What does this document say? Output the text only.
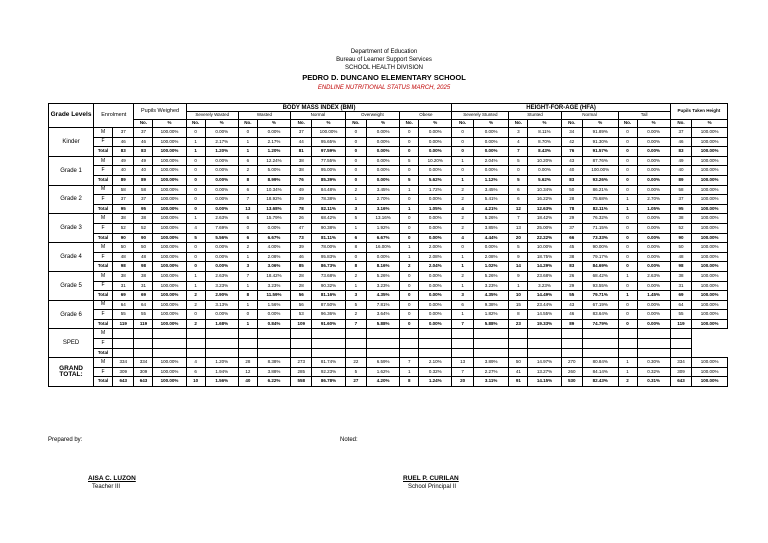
Department of Education
Bureau of Learner Support Services
SCHOOL HEALTH DIVISION
PEDRO D. DUNCANO ELEMENTARY SCHOOL
ENDLINE NUTRITIONAL STATUS MARCH, 2025
Grade Levels	Enrolment		Pupils Weighed		BODY MASS INDEX (BMI)										HEIGHT-FOR-AGE (HFA)								Pupils Taken Height	
					Severely Wasted		Wasted		Normal		Overweight		Obese		Severely Stunted		Stunted		Normal		Tall			
			No.	%	No.	%	No.	%	No.	%	No.	%	No.	%	No.	%	No.	%	No.	%	No.	%	No.	%
Kinder	M	37	37	100.00%	0	0.00%	0	0.00%	37	100.00%	0	0.00%	0	0.00%	0	0.00%	3	8.11%	34	91.89%	0	0.00%	37	100.00%
	F	46	46	100.00%	1	2.17%	1	2.17%	44	95.65%	0	0.00%	0	0.00%	0	0.00%	4	8.70%	42	91.30%	0	0.00%	46	100.00%
	Total	83	83	100.00%	1	1.20%	1	1.20%	81	97.59%	0	0.00%	0	0.00%	0	0.00%	7	8.43%	76	91.57%	0	0.00%	83	100.00%
Grade 1	M	49	49	100.00%	0	0.00%	6	12.24%	38	77.55%	0	0.00%	5	10.20%	1	2.04%	5	10.20%	43	87.76%	0	0.00%	49	100.00%
	F	40	40	100.00%	0	0.00%	2	5.00%	38	95.00%	0	0.00%	0	0.00%	0	0.00%	0	0.00%	40	100.00%	0	0.00%	40	100.00%
	Total	89	89	100.00%	0	0.00%	8	8.99%	76	85.39%	0	0.00%	5	5.62%	1	1.12%	5	5.62%	83	93.26%	0	0.00%	89	100.00%
Grade 2	M	58	58	100.00%	0	0.00%	6	10.34%	49	84.48%	2	3.45%	1	1.72%	2	3.45%	6	10.34%	50	86.21%	0	0.00%	58	100.00%
	F	37	37	100.00%	0	0.00%	7	18.92%	29	78.38%	1	2.70%	0	0.00%	2	5.41%	6	16.22%	28	75.68%	1	2.70%	37	100.00%
	Total	95	95	100.00%	0	0.00%	13	13.68%	78	82.11%	3	3.16%	1	1.05%	4	4.21%	12	12.63%	78	82.11%	1	1.05%	95	100.00%
Grade 3	M	38	38	100.00%	1	2.63%	6	15.79%	26	68.42%	5	13.16%	0	0.00%	2	5.26%	7	18.42%	29	76.32%	0	0.00%	38	100.00%
	F	52	52	100.00%	4	7.69%	0	0.00%	47	90.38%	1	1.92%	0	0.00%	2	3.85%	13	25.00%	37	71.15%	0	0.00%	52	100.00%
	Total	90	90	100.00%	5	5.56%	6	6.67%	73	81.11%	6	6.67%	0	0.00%	4	4.44%	20	22.22%	66	73.33%	0	0.00%	90	100.00%
Grade 4	M	50	50	100.00%	0	0.00%	2	4.00%	39	78.00%	8	16.00%	1	2.00%	0	0.00%	5	10.00%	45	90.00%	0	0.00%	50	100.00%
	F	48	48	100.00%	0	0.00%	1	2.08%	46	95.83%	0	0.00%	1	2.08%	1	2.08%	9	18.75%	38	79.17%	0	0.00%	48	100.00%
	Total	98	98	100.00%	0	0.00%	3	3.06%	85	86.73%	8	8.16%	2	2.04%	1	1.02%	14	14.29%	83	84.69%	0	0.00%	98	100.00%
Grade 5	M	38	38	100.00%	1	2.63%	7	18.42%	28	73.68%	2	5.26%	0	0.00%	2	5.26%	9	23.68%	26	68.42%	1	2.63%	38	100.00%
	F	31	31	100.00%	1	3.23%	1	3.23%	28	90.32%	1	3.23%	0	0.00%	1	3.23%	1	3.23%	29	93.55%	0	0.00%	31	100.00%
	Total	69	69	100.00%	2	2.90%	8	11.59%	56	81.16%	3	4.35%	0	0.00%	3	4.35%	10	14.49%	55	79.71%	1	1.45%	69	100.00%
Grade 6	M	64	64	100.00%	2	3.13%	1	1.56%	56	87.50%	5	7.81%	0	0.00%	6	9.38%	15	23.44%	43	67.19%	0	0.00%	64	100.00%
	F	55	55	100.00%	0	0.00%	0	0.00%	53	96.36%	2	3.64%	0	0.00%	1	1.82%	8	14.55%	46	83.64%	0	0.00%	55	100.00%
	Total	119	119	100.00%	2	1.68%	1	0.84%	109	91.60%	7	5.88%	0	0.00%	7	5.88%	23	19.33%	89	74.79%	0	0.00%	119	100.00%
SPED	M																							
	F																							
	Total																							
GRAND TOTAL:	M	334	334	100.00%	4	1.20%	28	8.38%	273	81.74%	22	6.59%	7	2.10%	13	3.89%	50	14.97%	270	80.84%	1	0.30%	334	100.00%
	F	309	309	100.00%	6	1.94%	12	3.88%	285	92.23%	5	1.62%	1	0.32%	7	2.27%	41	13.27%	260	84.14%	1	0.32%	309	100.00%
	Total	643	643	100.00%	10	1.56%	40	6.22%	558	86.78%	27	4.20%	8	1.24%	20	3.11%	91	14.15%	530	82.43%	2	0.31%	643	100.00%
Prepared by:	Noted:
AISA C. LUZON
Teacher III
RUEL P. CURILAN
School Principal II
